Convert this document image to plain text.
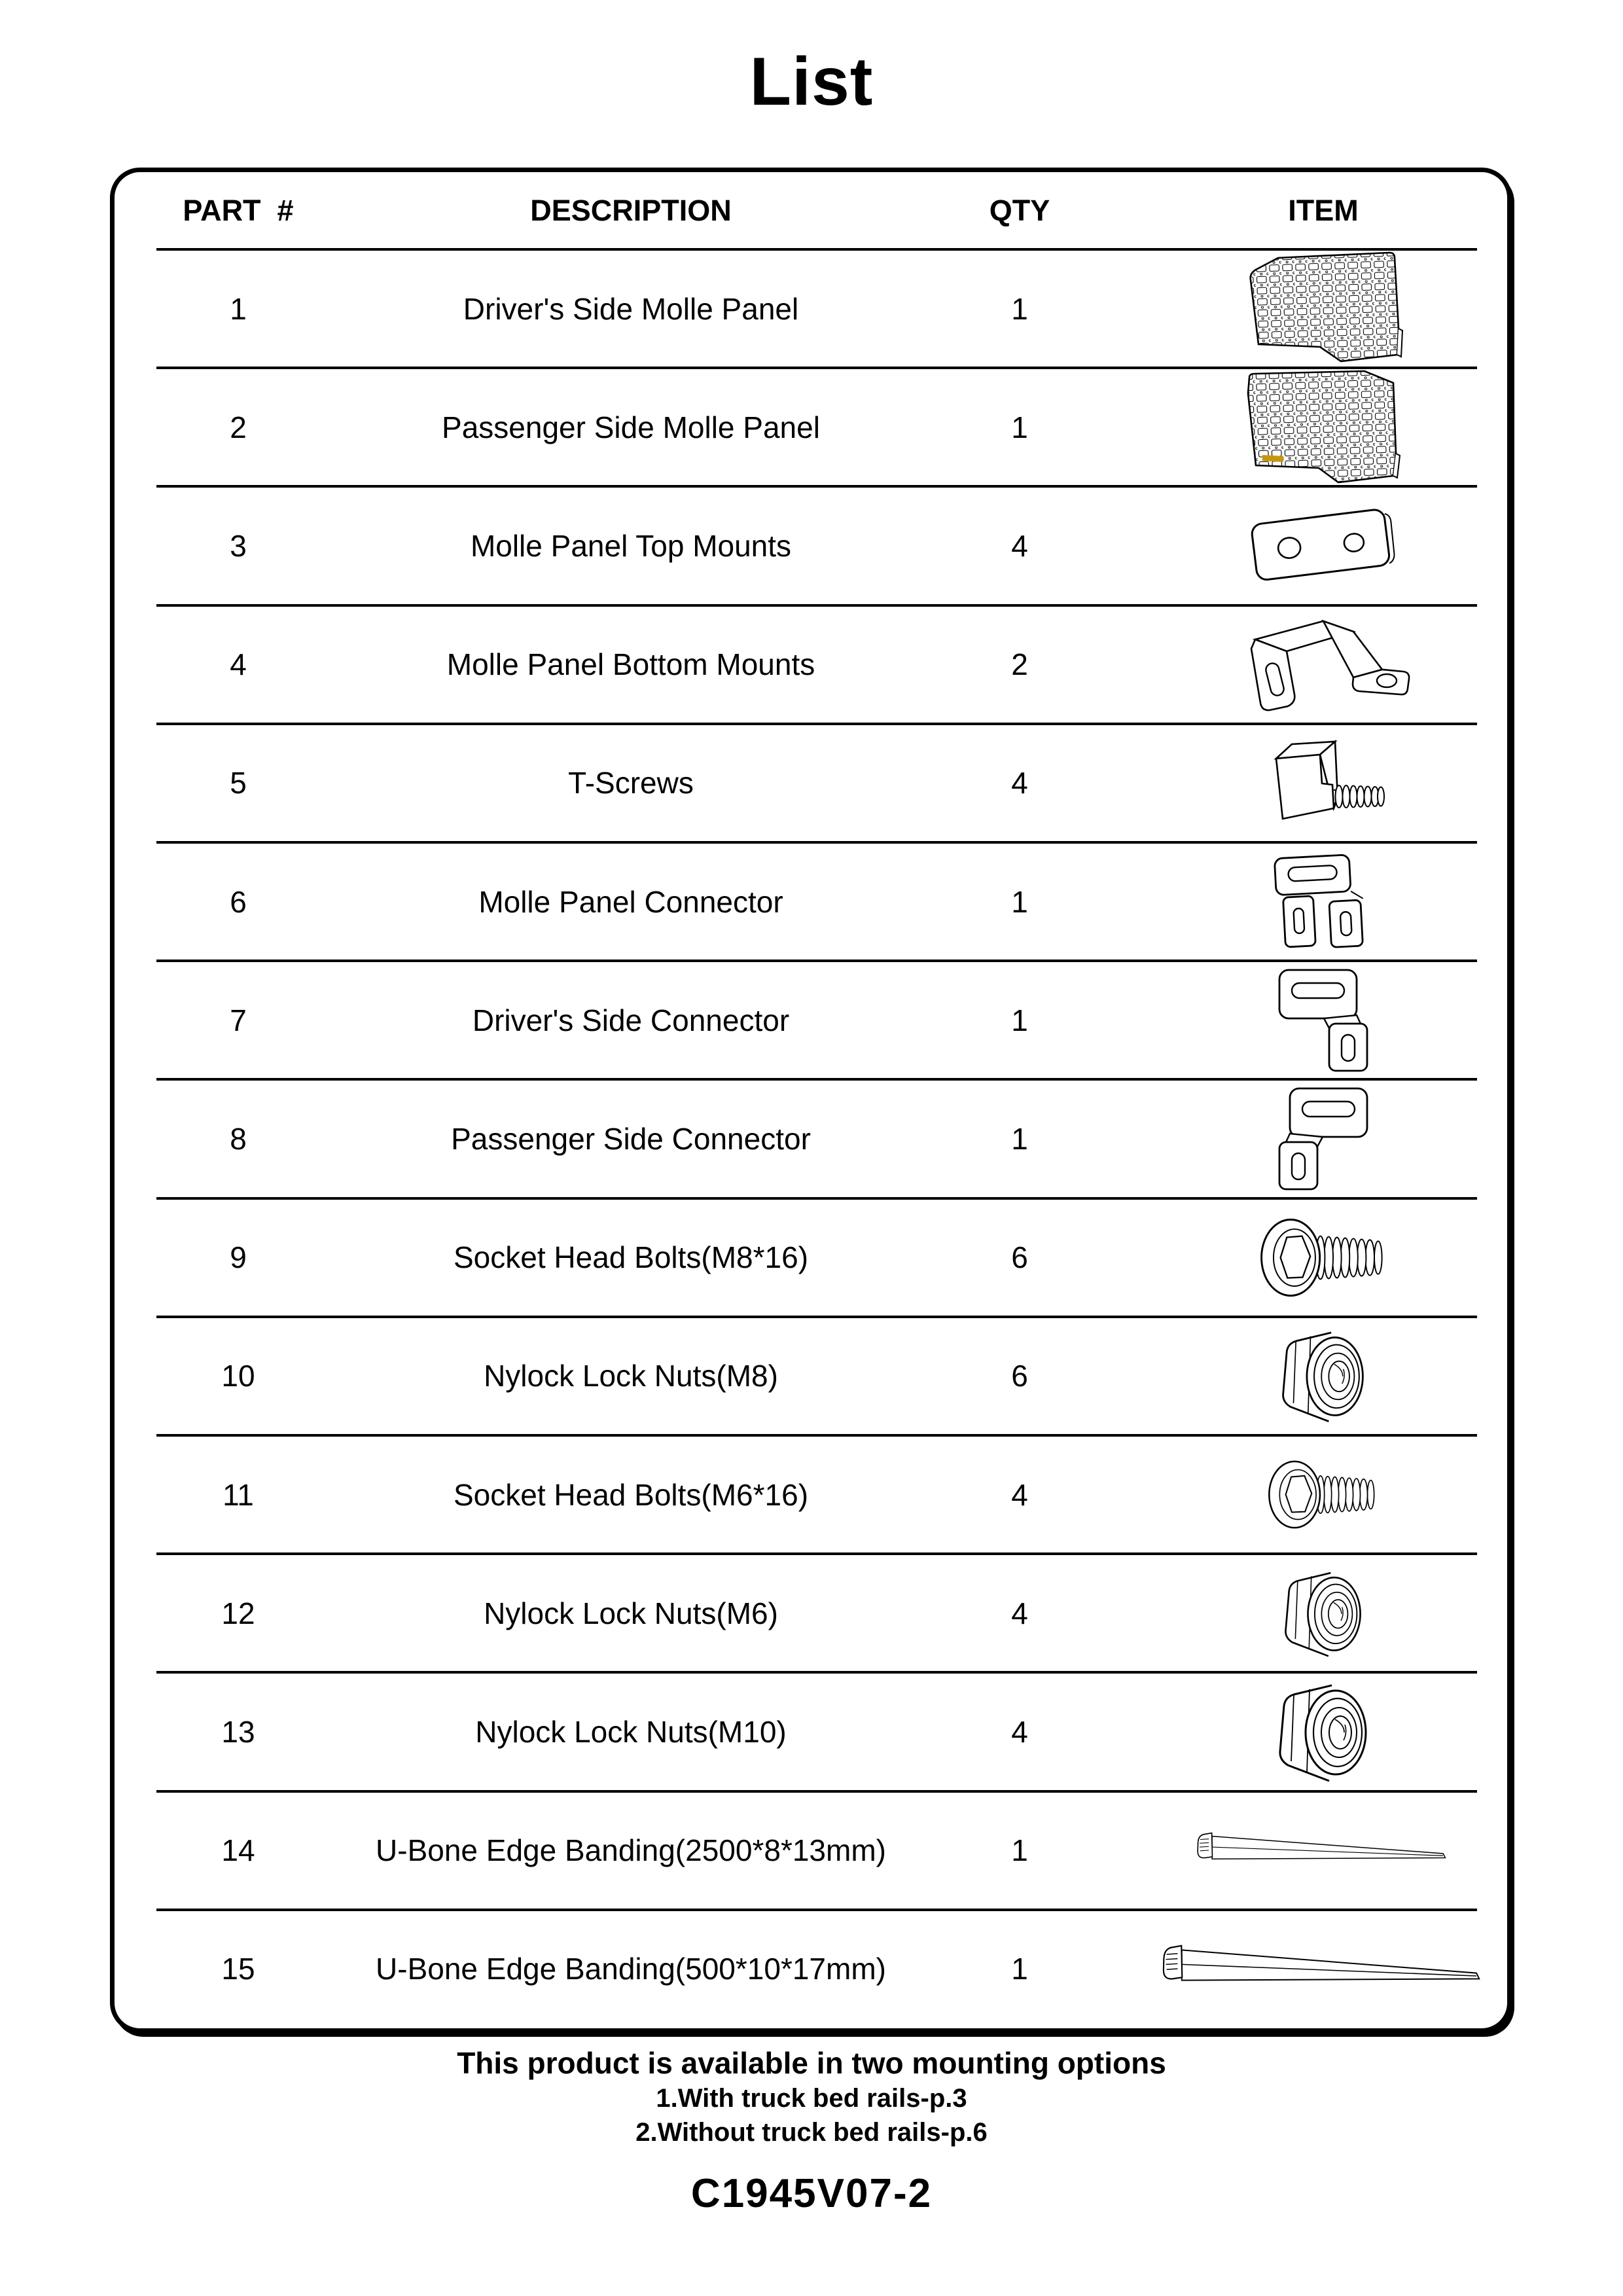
List
PART  #	DESCRIPTION	QTY	ITEM
1	Driver's Side Molle Panel	1
2	Passenger Side Molle Panel	1
3	Molle Panel Top Mounts	4
4	Molle Panel Bottom Mounts	2
5	T-Screws	4
6	Molle Panel Connector	1
7	Driver's Side Connector	1
8	Passenger Side Connector	1
9	Socket Head Bolts(M8*16)	6
10	Nylock Lock Nuts(M8)	6
11	Socket Head Bolts(M6*16)	4
12	Nylock Lock Nuts(M6)	4
13	Nylock Lock Nuts(M10)	4
14	U-Bone Edge Banding(2500*8*13mm)	1
15	U-Bone Edge Banding(500*10*17mm)	1
This product is available in two mounting options
1.With truck bed rails-p.3
2.Without truck bed rails-p.6
C1945V07-2
